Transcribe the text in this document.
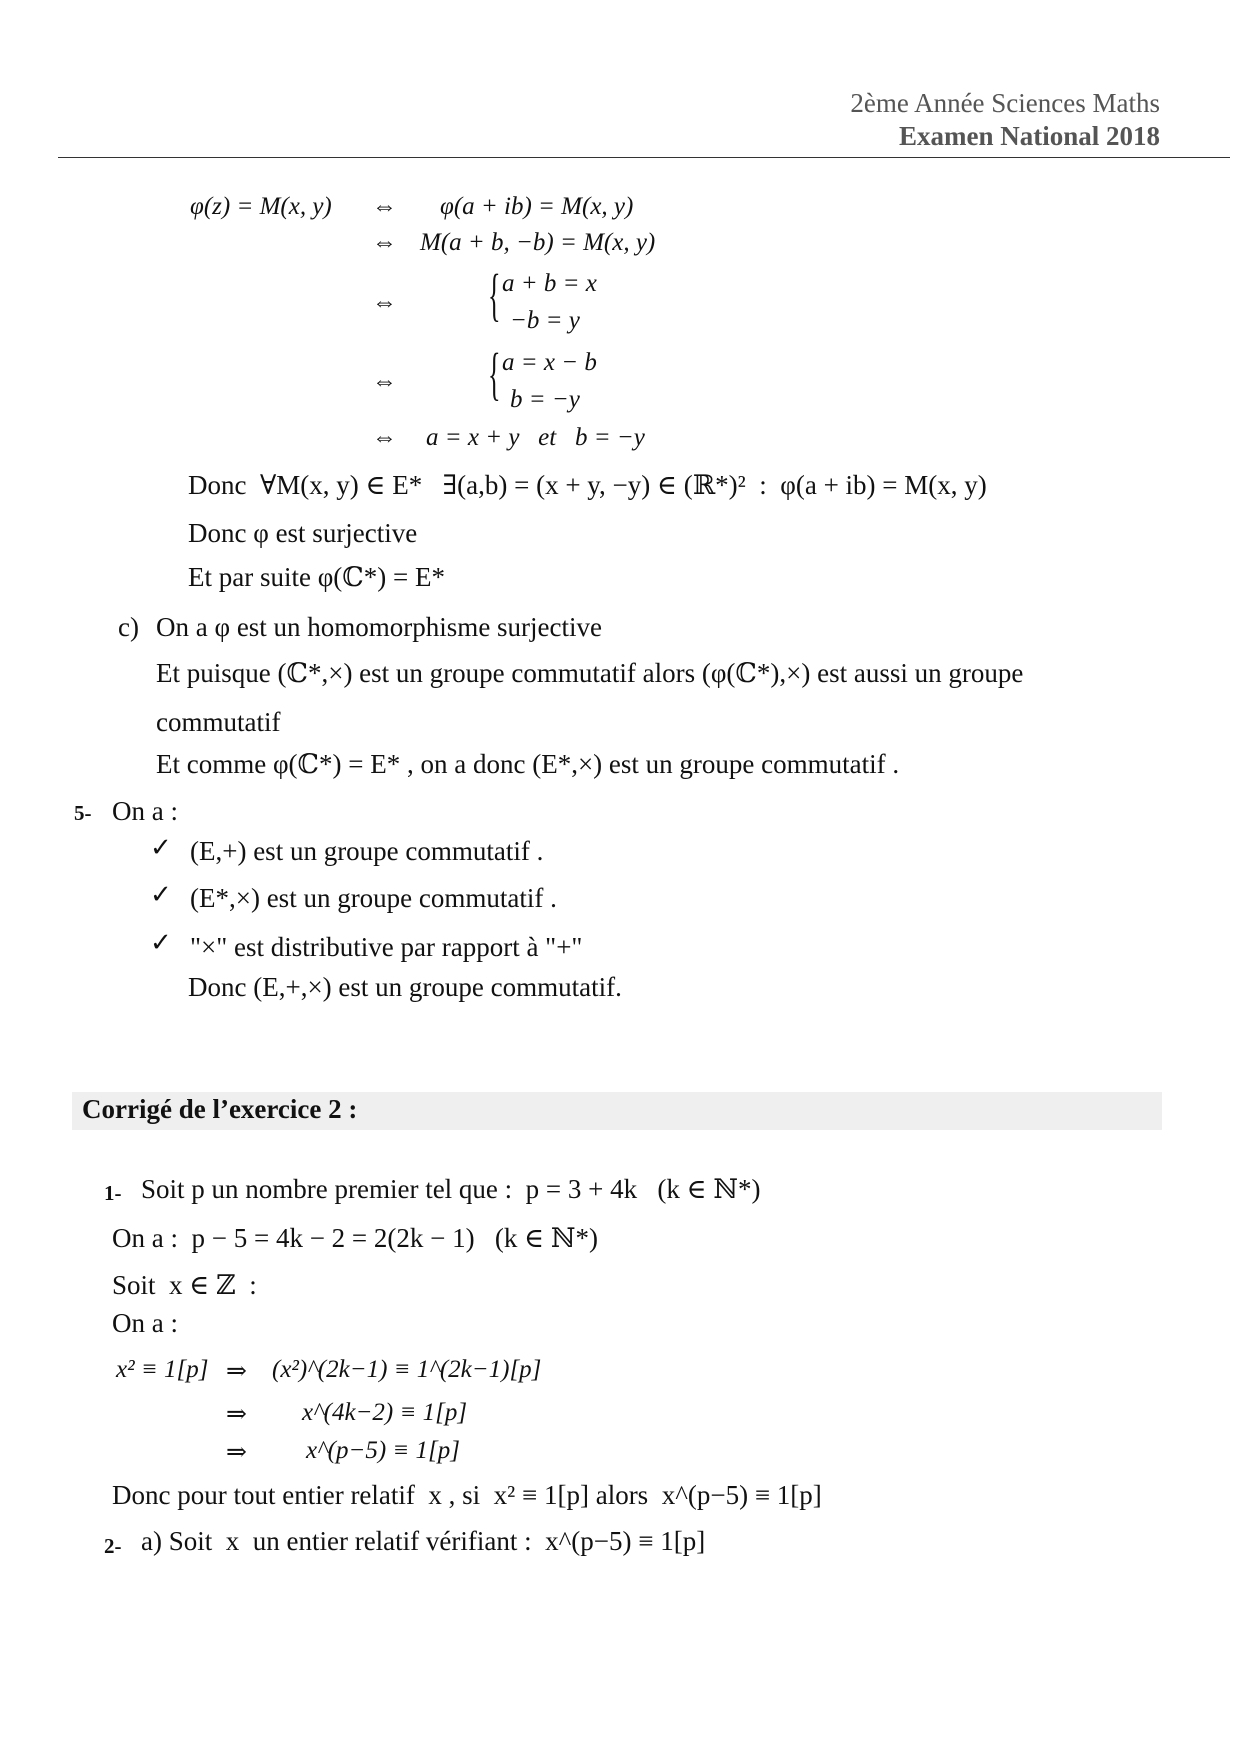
2ème Année Sciences Maths
Examen National 2018
φ(z) = M(x, y) ⇔ φ(a + ib) = M(x, y)
⇔ M(a + b, −b) = M(x, y)
⇔ { a + b = x
−b = y
⇔ { a = x − b
b = −y
⇔ a = x + y   et   b = −y
Donc  ∀M(x, y) ∈ E*   ∃(a,b) = (x + y, −y) ∈ (ℝ*)²  :  φ(a + ib) = M(x, y)
Donc φ est surjective
Et par suite φ(ℂ*) = E*
c) On a φ est un homomorphisme surjective
Et puisque (ℂ*,×) est un groupe commutatif alors (φ(ℂ*),×) est aussi un groupe
commutatif
Et comme φ(ℂ*) = E* , on a donc (E*,×) est un groupe commutatif .
5- On a :
✓ (E,+) est un groupe commutatif .
✓ (E*,×) est un groupe commutatif .
✓ "×" est distributive par rapport à "+"
Donc (E,+,×) est un groupe commutatif.
Corrigé de l’exercice 2 :
1- Soit p un nombre premier tel que :  p = 3 + 4k   (k ∈ ℕ*)
On a :  p − 5 = 4k − 2 = 2(2k − 1)   (k ∈ ℕ*)
Soit  x ∈ ℤ  :
On a :
x² ≡ 1[p] ⇒ (x²)^(2k−1) ≡ 1^(2k−1)[p]
⇒ x^(4k−2) ≡ 1[p]
⇒ x^(p−5) ≡ 1[p]
Donc pour tout entier relatif  x , si  x² ≡ 1[p] alors  x^(p−5) ≡ 1[p]
2- a) Soit  x  un entier relatif vérifiant :  x^(p−5) ≡ 1[p]
